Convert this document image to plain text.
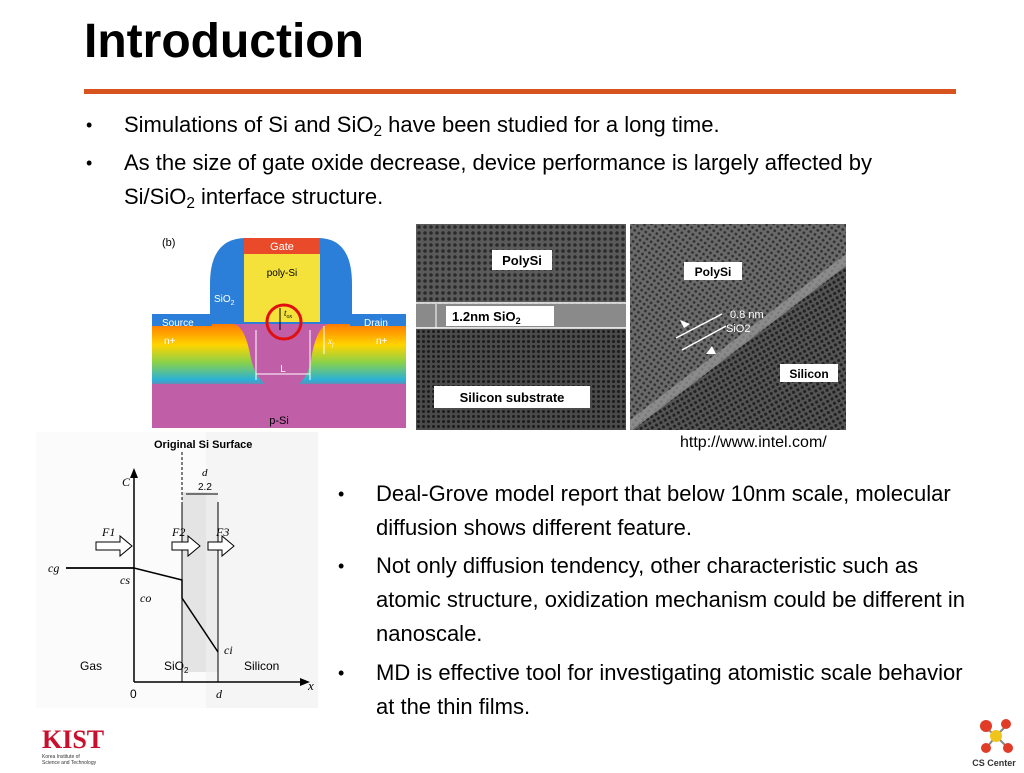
Introduction
• Simulations of Si and SiO$_2$ have been studied for a long time.
• As the size of gate oxide decrease, device performance is largely affected by Si/SiO$_2$ interface structure.
Gate
poly-Si
(b)
SiO$_2$
Source	Drain
n+	n+
$t_{ox}$
$x_j$
L
p-Si
PolySi
1.2nm SiO$_2$
Silicon substrate
PolySi
0.8 nm
SiO2
Silicon
http://www.intel.com/
Original Si Surface
d
2.2
C
x
F1	F2	F3
cg
cs
co
ci
Gas	SiO$_2$	Silicon
0	d
• Deal-Grove model report that below 10nm scale, molecular diffusion shows different feature.
• Not only diffusion tendency, other characteristic such as atomic structure, oxidization mechanism could be different in nanoscale.
• MD is effective tool for investigating atomistic scale behavior at the thin films.
KIST
Korea Institute of
Science and Technology	CS Center
